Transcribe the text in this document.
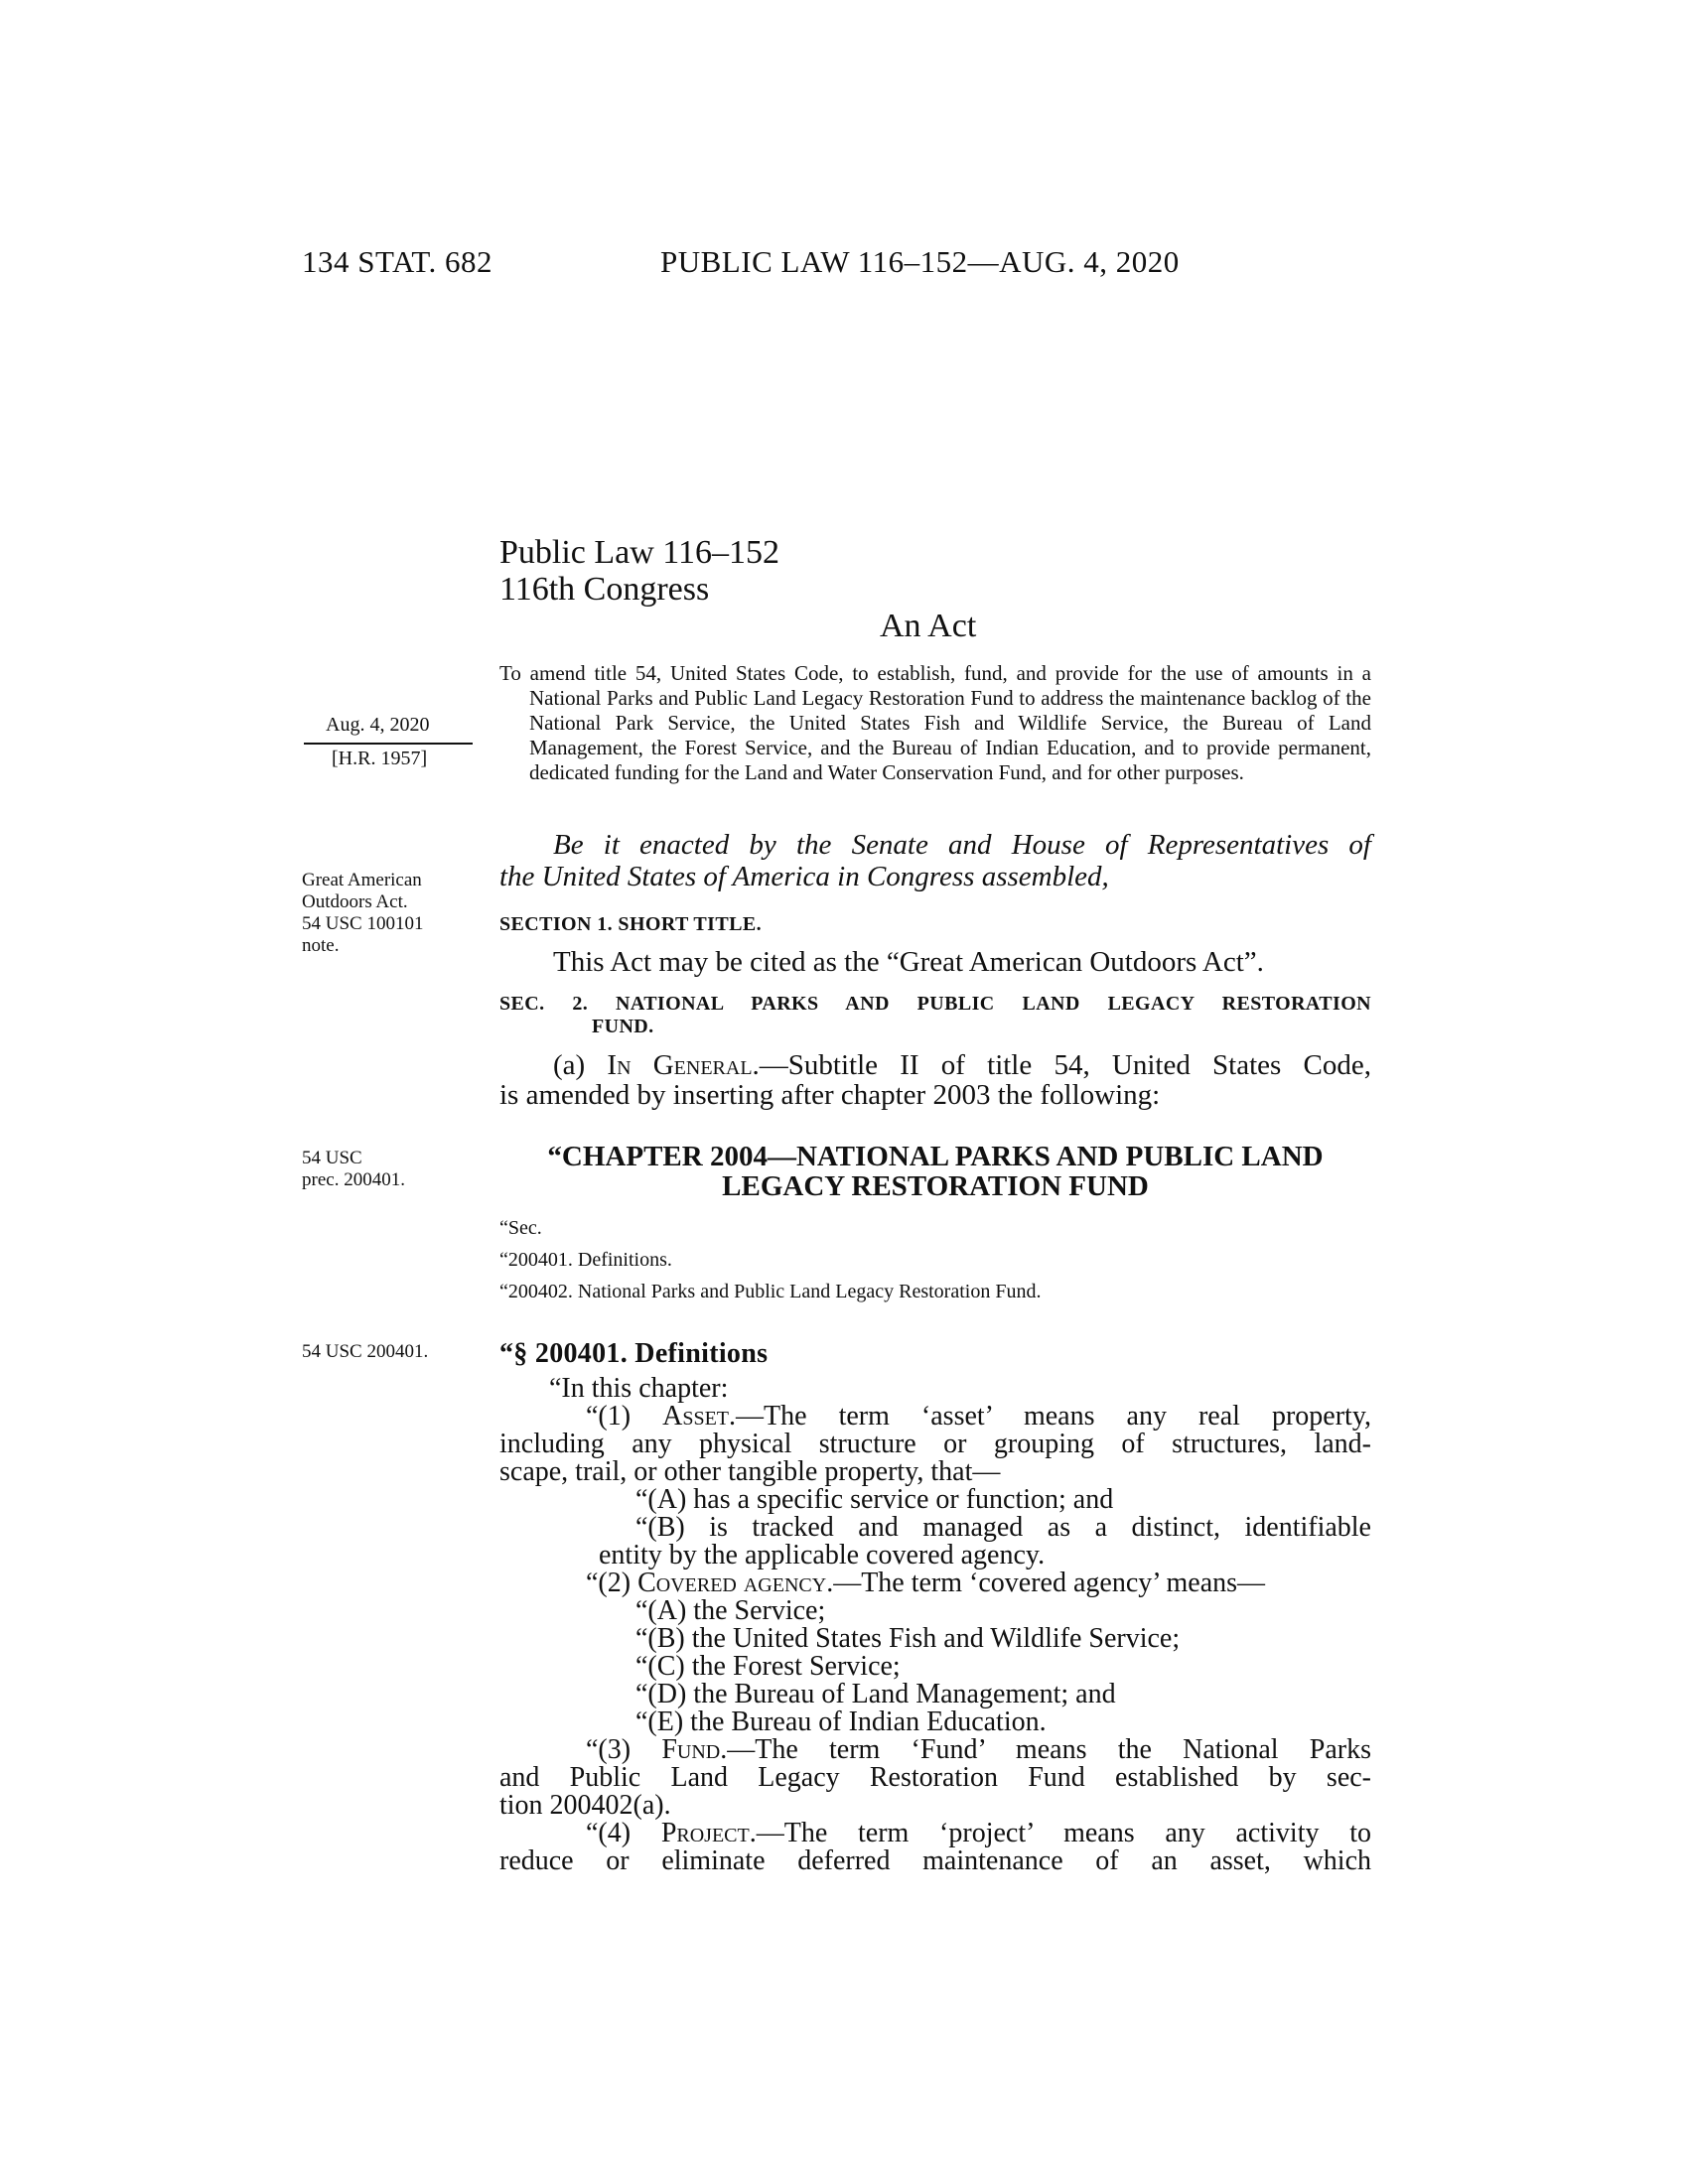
134 STAT. 682	PUBLIC LAW 116–152—AUG. 4, 2020
Public Law 116–152
116th Congress
An Act

To amend title 54, United States Code, to establish, fund, and provide for the use of amounts in a National Parks and Public Land Legacy Restoration Fund to address the maintenance backlog of the National Park Service, the United States Fish and Wildlife Service, the Bureau of Land Management, the Forest Service, and the Bureau of Indian Education, and to provide permanent, dedicated funding for the Land and Water Conservation Fund, and for other purposes.

Aug. 4, 2020
[H.R. 1957]
Great American
Outdoors Act.
54 USC 100101
note.
54 USC
prec. 200401.
54 USC 200401.
Be it enacted by the Senate and House of Representatives of
the United States of America in Congress assembled,
SECTION 1. SHORT TITLE.
This Act may be cited as the “Great American Outdoors Act”.
SEC. 2. NATIONAL PARKS AND PUBLIC LAND LEGACY RESTORATION
FUND.
(a) In General.—Subtitle II of title 54, United States Code,
is amended by inserting after chapter 2003 the following:
“CHAPTER 2004—NATIONAL PARKS AND PUBLIC LAND
LEGACY RESTORATION FUND
“Sec.
“200401. Definitions.
“200402. National Parks and Public Land Legacy Restoration Fund.
“§ 200401. Definitions
“In this chapter:
“(1) Asset.—The term ‘asset’ means any real property,
including any physical structure or grouping of structures, land-
scape, trail, or other tangible property, that—
“(A) has a specific service or function; and
“(B) is tracked and managed as a distinct, identifiable
entity by the applicable covered agency.
“(2) Covered agency.—The term ‘covered agency’ means—
“(A) the Service;
“(B) the United States Fish and Wildlife Service;
“(C) the Forest Service;
“(D) the Bureau of Land Management; and
“(E) the Bureau of Indian Education.
“(3) Fund.—The term ‘Fund’ means the National Parks
and Public Land Legacy Restoration Fund established by sec-
tion 200402(a).
“(4) Project.—The term ‘project’ means any activity to
reduce or eliminate deferred maintenance of an asset, which
